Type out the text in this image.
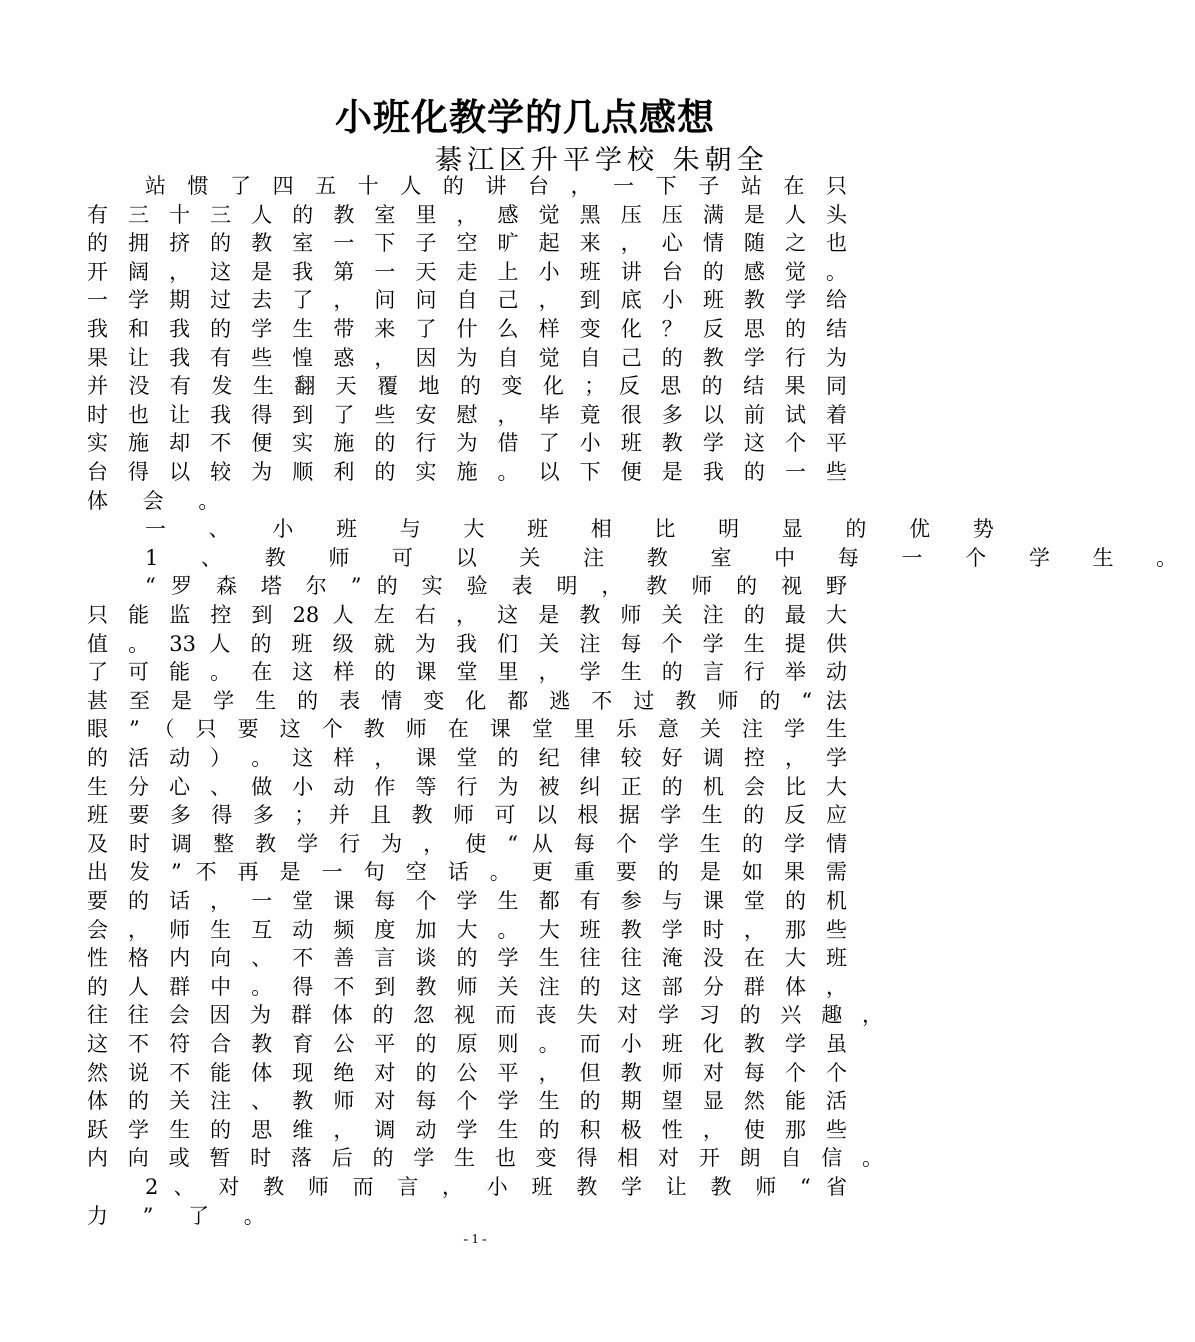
小班化教学的几点感想
綦江区升平学校 朱朝全
站 惯 了 四 五 十 人 的 讲 台 ， 一 下 子 站 在 只
有 三 十 三 人 的 教 室 里 ， 感 觉 黑 压 压 满 是 人 头
的 拥 挤 的 教 室 一 下 子 空 旷 起 来 ， 心 情 随 之 也
开 阔 ， 这 是 我 第 一 天 走 上 小 班 讲 台 的 感 觉 。
一 学 期 过 去 了 ， 问 问 自 己 ， 到 底 小 班 教 学 给
我 和 我 的 学 生 带 来 了 什 么 样 变 化 ？ 反 思 的 结
果 让 我 有 些 惶 惑 ， 因 为 自 觉 自 己 的 教 学 行 为
并 没 有 发 生 翻 天 覆 地 的 变 化 ； 反 思 的 结 果 同
时 也 让 我 得 到 了 些 安 慰 ， 毕 竟 很 多 以 前 试 着
实 施 却 不 便 实 施 的 行 为 借 了 小 班 教 学 这 个 平
台 得 以 较 为 顺 利 的 实 施 。 以 下 便 是 我 的 一 些
体 会 。
一 、 小 班 与 大 班 相 比 明 显 的 优 势
1 、 教 师 可 以 关 注 教 室 中 每 一 个 学 生 。
“ 罗 森 塔 尔 ” 的 实 验 表 明 ， 教 师 的 视 野
只 能 监 控 到 28 人 左 右 ， 这 是 教 师 关 注 的 最 大
值 。 33 人 的 班 级 就 为 我 们 关 注 每 个 学 生 提 供
了 可 能 。 在 这 样 的 课 堂 里 ， 学 生 的 言 行 举 动
甚 至 是 学 生 的 表 情 变 化 都 逃 不 过 教 师 的 “ 法
眼 ” （ 只 要 这 个 教 师 在 课 堂 里 乐 意 关 注 学 生
的 活 动 ） 。 这 样 ， 课 堂 的 纪 律 较 好 调 控 ， 学
生 分 心 、 做 小 动 作 等 行 为 被 纠 正 的 机 会 比 大
班 要 多 得 多 ； 并 且 教 师 可 以 根 据 学 生 的 反 应
及 时 调 整 教 学 行 为 ， 使 “ 从 每 个 学 生 的 学 情
出 发 ” 不 再 是 一 句 空 话 。 更 重 要 的 是 如 果 需
要 的 话 ， 一 堂 课 每 个 学 生 都 有 参 与 课 堂 的 机
会 ， 师 生 互 动 频 度 加 大 。 大 班 教 学 时 ， 那 些
性 格 内 向 、 不 善 言 谈 的 学 生 往 往 淹 没 在 大 班
的 人 群 中 。 得 不 到 教 师 关 注 的 这 部 分 群 体 ，
往 往 会 因 为 群 体 的 忽 视 而 丧 失 对 学 习 的 兴 趣 ，
这 不 符 合 教 育 公 平 的 原 则 。 而 小 班 化 教 学 虽
然 说 不 能 体 现 绝 对 的 公 平 ， 但 教 师 对 每 个 个
体 的 关 注 、 教 师 对 每 个 学 生 的 期 望 显 然 能 活
跃 学 生 的 思 维 ， 调 动 学 生 的 积 极 性 ， 使 那 些
内 向 或 暂 时 落 后 的 学 生 也 变 得 相 对 开 朗 自 信 。
2 、 对 教 师 而 言 ， 小 班 教 学 让 教 师 “ 省
力 ” 了 。
- 1 -
